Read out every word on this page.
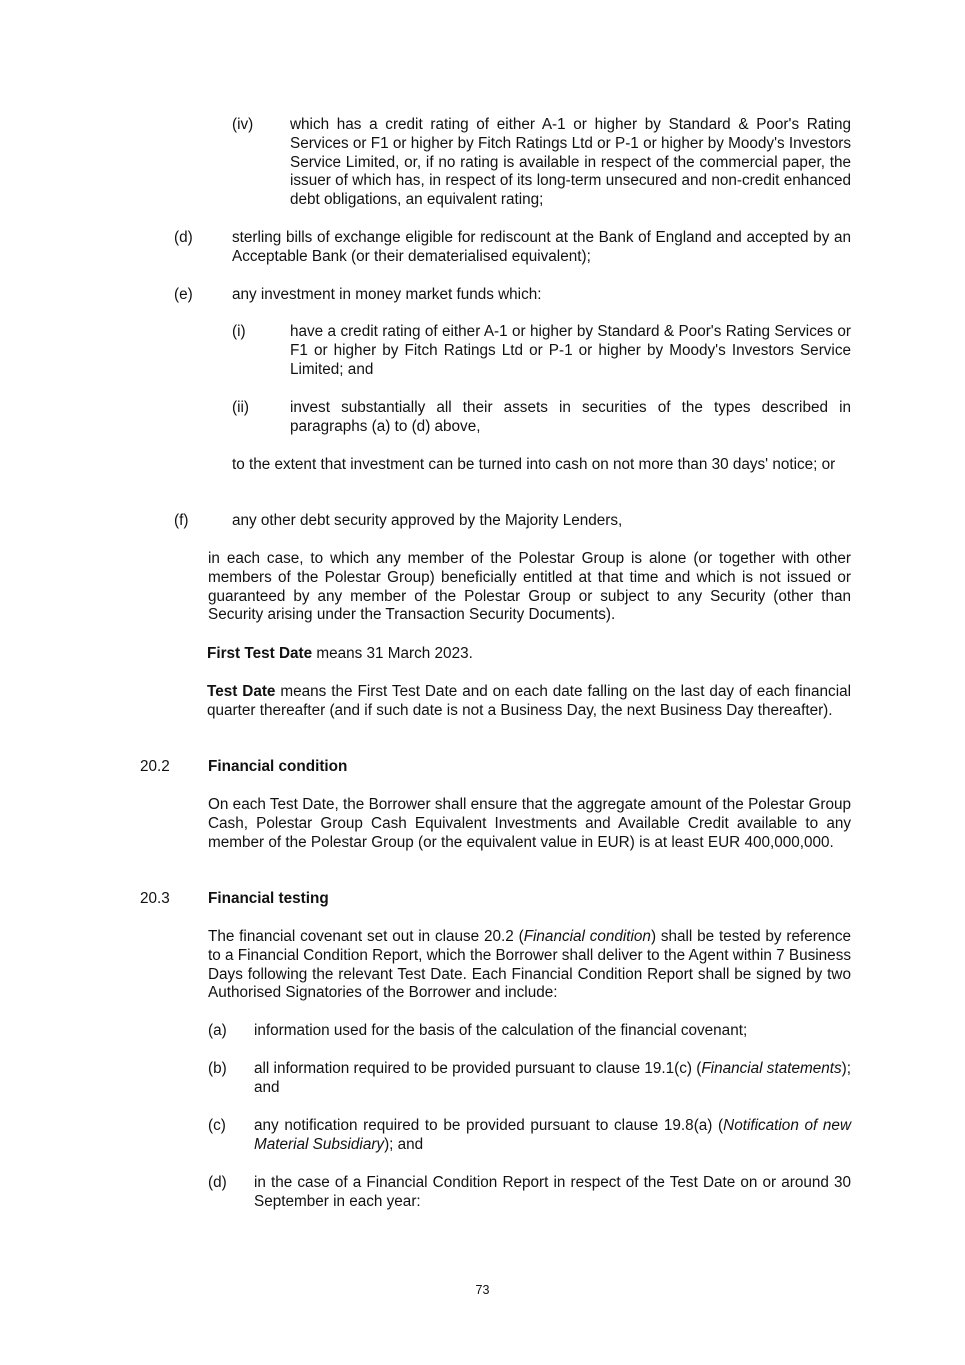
(iv) which has a credit rating of either A-1 or higher by Standard & Poor's Rating Services or F1 or higher by Fitch Ratings Ltd or P-1 or higher by Moody's Investors Service Limited, or, if no rating is available in respect of the commercial paper, the issuer of which has, in respect of its long-term unsecured and non-credit enhanced debt obligations, an equivalent rating;
(d)	sterling bills of exchange eligible for rediscount at the Bank of England and accepted by an Acceptable Bank (or their dematerialised equivalent);
(e)	any investment in money market funds which:
(i)	have a credit rating of either A-1 or higher by Standard & Poor's Rating Services or F1 or higher by Fitch Ratings Ltd or P-1 or higher by Moody's Investors Service Limited; and
(ii)	invest substantially all their assets in securities of the types described in paragraphs (a) to (d) above,
to the extent that investment can be turned into cash on not more than 30 days' notice; or
(f)	any other debt security approved by the Majority Lenders,
in each case, to which any member of the Polestar Group is alone (or together with other members of the Polestar Group) beneficially entitled at that time and which is not issued or guaranteed by any member of the Polestar Group or subject to any Security (other than Security arising under the Transaction Security Documents).
First Test Date means 31 March 2023.
Test Date means the First Test Date and on each date falling on the last day of each financial quarter thereafter (and if such date is not a Business Day, the next Business Day thereafter).
20.2 Financial condition
On each Test Date, the Borrower shall ensure that the aggregate amount of the Polestar Group Cash, Polestar Group Cash Equivalent Investments and Available Credit available to any member of the Polestar Group (or the equivalent value in EUR) is at least EUR 400,000,000.
20.3 Financial testing
The financial covenant set out in clause 20.2 (Financial condition) shall be tested by reference to a Financial Condition Report, which the Borrower shall deliver to the Agent within 7 Business Days following the relevant Test Date. Each Financial Condition Report shall be signed by two Authorised Signatories of the Borrower and include:
(a) information used for the basis of the calculation of the financial covenant;
(b) all information required to be provided pursuant to clause 19.1(c) (Financial statements); and
(c) any notification required to be provided pursuant to clause 19.8(a) (Notification of new Material Subsidiary); and
(d) in the case of a Financial Condition Report in respect of the Test Date on or around 30 September in each year:
73
